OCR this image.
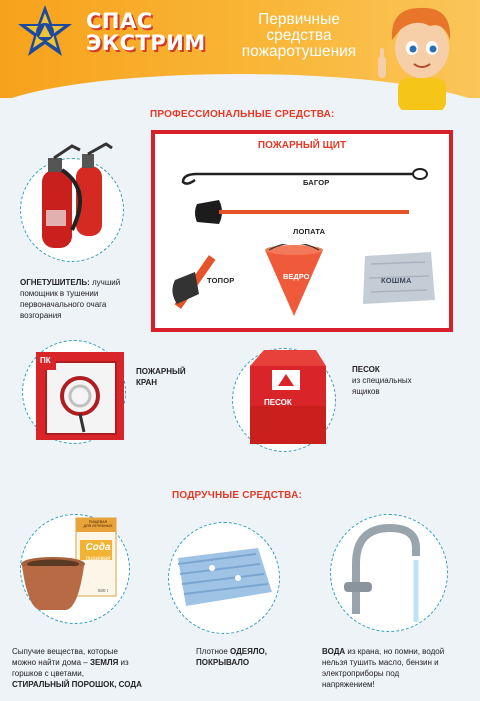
СПАС
ЭКСТРИМ
Первичные
средства
пожаротушения
ПРОФЕССИОНАЛЬНЫЕ СРЕДСТВА:
ОГНЕТУШИТЕЛЬ: лучший
помощник в тушении
первоначального очага
возгорания
ПОЖАРНЫЙ ЩИТ
БАГОР
ЛОПАТА
ТОПОР	ВЕДРО	КОШМА
ПК
ПОЖАРНЫЙ
КРАН
ПЕСОК
ПЕСОК
из специальных
ящиков
ПОДРУЧНЫЕ СРЕДСТВА:
ПИЩЕВАЯ
ДЛЯ ЛЕЧЕБНЫХ
Сода
пищевая
500 г
Сыпучие вещества, которые
можно найти дома – ЗЕМЛЯ из
горшков с цветами,
СТИРАЛЬНЫЙ ПОРОШОК, СОДА
Плотное ОДЕЯЛО,
ПОКРЫВАЛО
ВОДА из крана, но помни, водой
нельзя тушить масло, бензин и
электроприборы под
напряжением!
